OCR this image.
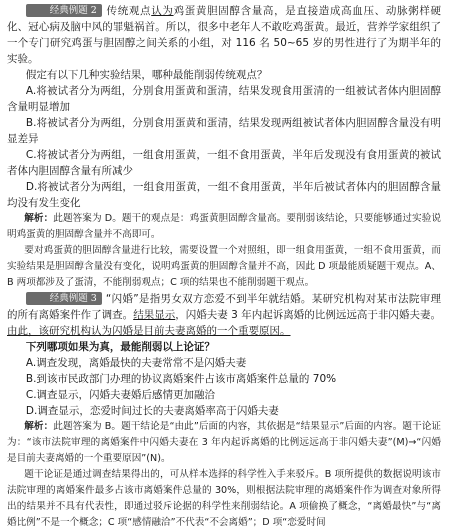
经典例题 2 传统观点认为鸡蛋黄胆固醇含量高，是直接造成高血压、动脉粥样硬化、冠心病及脑中风的罪魁祸首。所以，很多中老年人不敢吃鸡蛋黄。最近，营养学家组织了一个专门研究鸡蛋与胆固醇之间关系的小组，对 116 名 50~65 岁的男性进行了为期半年的实验。

假定有以下几种实验结果，哪种最能削弱传统观点？

A.将被试者分为两组，分别食用蛋黄和蛋清，结果发现食用蛋清的一组被试者体内胆固醇含量明显增加

B.将被试者分为两组，分别食用蛋黄和蛋清，结果发现两组被试者体内胆固醇含量没有明显差异

C.将被试者分为两组，一组食用蛋黄，一组不食用蛋黄，半年后发现没有食用蛋黄的被试者体内胆固醇含量有所减少

D.将被试者分为两组，一组食用蛋黄，一组不食用蛋黄，半年后被试者体内的胆固醇含量均没有发生变化

解析：此题答案为 D。题干的观点是：鸡蛋黄胆固醇含量高。要削弱该结论，只要能够通过实验说明鸡蛋黄的胆固醇含量并不高即可。

要对鸡蛋黄的胆固醇含量进行比较，需要设置一个对照组，即一组食用蛋黄，一组不食用蛋黄，而实验结果是胆固醇含量没有变化，说明鸡蛋黄的胆固醇含量并不高，因此 D 项最能质疑题干观点。A、B 两项都涉及了蛋清，不能削弱观点；C 项的结果也不能削弱题干观点。

经典例题 3 “闪婚”是指男女双方恋爱不到半年就结婚。某研究机构对某市法院审理的所有离婚案件作了调查。结果显示，闪婚夫妻 3 年内起诉离婚的比例远远高于非闪婚夫妻。由此，该研究机构认为闪婚是目前夫妻离婚的一个重要原因。

下列哪项如果为真，最能削弱以上论证？

A.调查发现，离婚最快的夫妻常常不是闪婚夫妻

B.到该市民政部门办理的协议离婚案件占该市离婚案件总量的 70%

C.调查显示，闪婚夫妻婚后感情更加融洽

D.调查显示，恋爱时间过长的夫妻离婚率高于闪婚夫妻

解析：此题答案为 B。题干结论是“由此”后面的内容，其依据是“结果显示”后面的内容。题干论证为：“该市法院审理的离婚案件中闪婚夫妻在 3 年内起诉离婚的比例远远高于非闪婚夫妻”(M)→“闪婚是目前夫妻离婚的一个重要原因”(N)。

题干论证是通过调查结果得出的，可从样本选择的科学性入手来驳斥。B 项所提供的数据说明该市法院审理的离婚案件最多占该市离婚案件总量的 30%，则根据法院审理的离婚案件作为调查对象所得出的结果并不具有代表性，即通过驳斥论据的科学性来削弱结论。A 项偷换了概念，“离婚最快”与“离婚比例”不是一个概念；C 项“感情融洽”不代表“不会离婚”；D 项“恋爱时间
